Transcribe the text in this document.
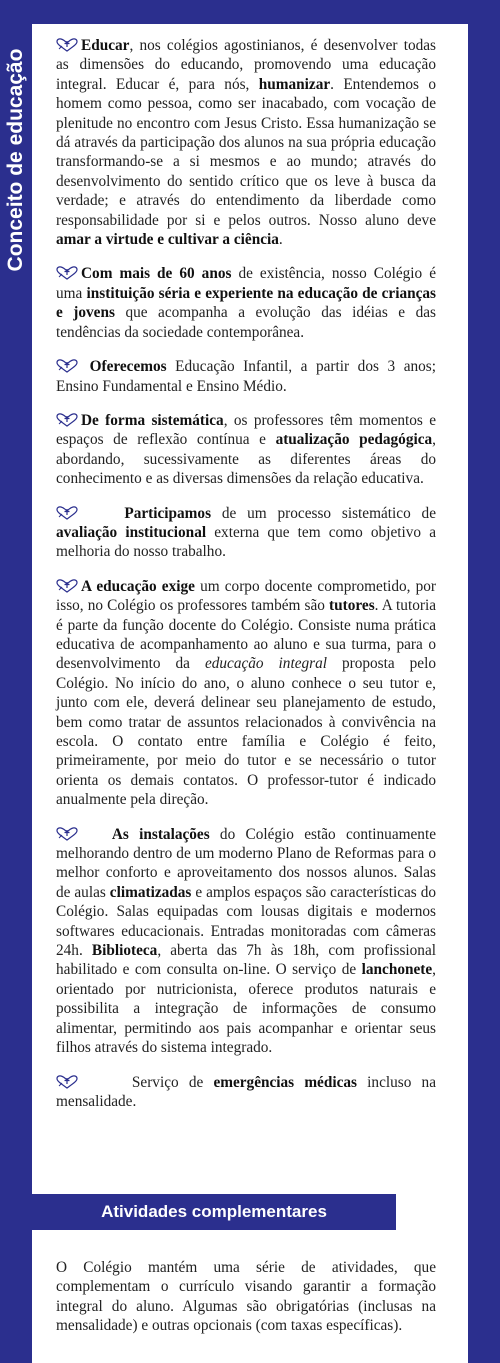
Conceito de educação

Educar, nos colégios agostinianos, é desenvolver todas as dimensões do educando, promovendo uma educação integral. Educar é, para nós, humanizar. Entendemos o homem como pessoa, como ser inacabado, com vocação de plenitude no encontro com Jesus Cristo. Essa humanização se dá através da participação dos alunos na sua própria educação transformando-se a si mesmos e ao mundo; através do desenvolvimento do sentido crítico que os leve à busca da verdade; e através do entendimento da liberdade como responsabilidade por si e pelos outros. Nosso aluno deve amar a virtude e cultivar a ciência.

Com mais de 60 anos de existência, nosso Colégio é uma instituição séria e experiente na educação de crianças e jovens que acompanha a evolução das idéias e das tendências da sociedade contemporânea.

Oferecemos Educação Infantil, a partir dos 3 anos; Ensino Fundamental e Ensino Médio.

De forma sistemática, os professores têm momentos e espaços de reflexão contínua e atualização pedagógica, abordando, sucessivamente as diferentes áreas do conhecimento e as diversas dimensões da relação educativa.

Participamos de um processo sistemático de avaliação institucional externa que tem como objetivo a melhoria do nosso trabalho.

A educação exige um corpo docente comprometido, por isso, no Colégio os professores também são tutores. A tutoria é parte da função docente do Colégio. Consiste numa prática educativa de acompanhamento ao aluno e sua turma, para o desenvolvimento da educação integral proposta pelo Colégio. No início do ano, o aluno conhece o seu tutor e, junto com ele, deverá delinear seu planejamento de estudo, bem como tratar de assuntos relacionados à convivência na escola. O contato entre família e Colégio é feito, primeiramente, por meio do tutor e se necessário o tutor orienta os demais contatos. O professor-tutor é indicado anualmente pela direção.

As instalações do Colégio estão continuamente melhorando dentro de um moderno Plano de Reformas para o melhor conforto e aproveitamento dos nossos alunos. Salas de aulas climatizadas e amplos espaços são características do Colégio. Salas equipadas com lousas digitais e modernos softwares educacionais. Entradas monitoradas com câmeras 24h. Biblioteca, aberta das 7h às 18h, com profissional habilitado e com consulta on-line. O serviço de lanchonete, orientado por nutricionista, oferece produtos naturais e possibilita a integração de informações de consumo alimentar, permitindo aos pais acompanhar e orientar seus filhos através do sistema integrado.

Serviço de emergências médicas incluso na mensalidade.

Atividades complementares
O Colégio mantém uma série de atividades, que complementam o currículo visando garantir a formação integral do aluno. Algumas são obrigatórias (inclusas na mensalidade) e outras opcionais (com taxas específicas).
